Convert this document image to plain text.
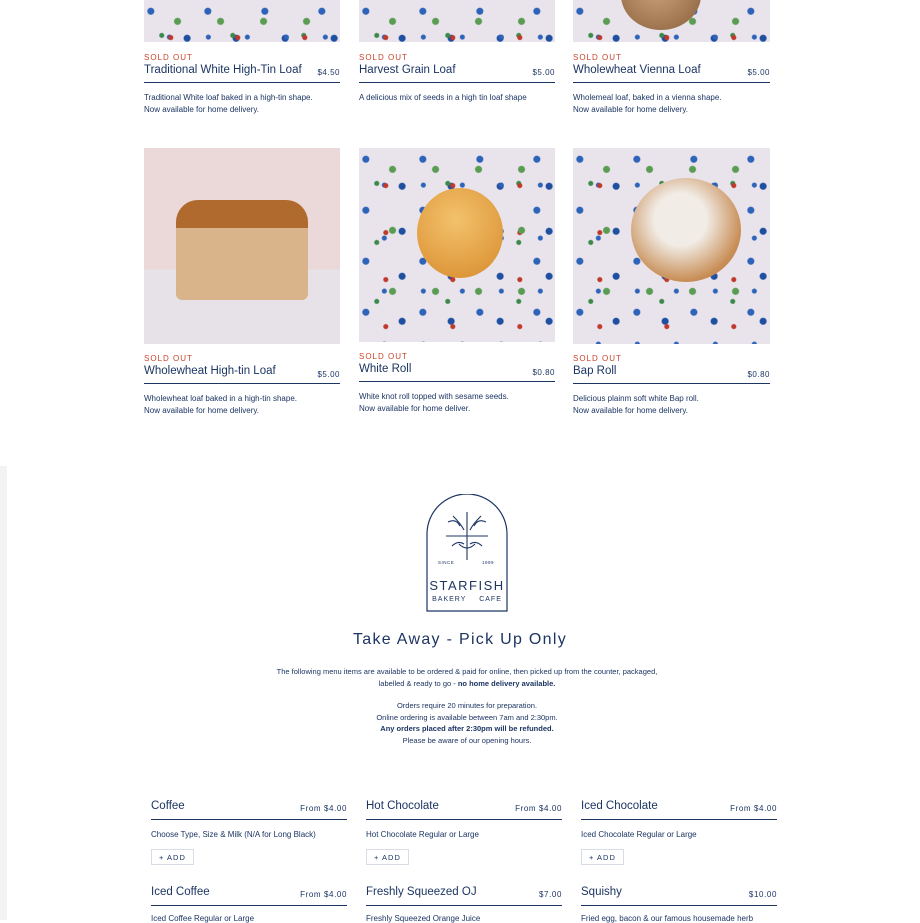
SOLD OUT
Traditional White High-Tin Loaf	$4.50
Traditional White loaf baked in a high-tin shape.
Now available for home delivery.
SOLD OUT
Harvest Grain Loaf	$5.00
A delicious mix of seeds in a high tin loaf shape
SOLD OUT
Wholewheat Vienna Loaf	$5.00
Wholemeal loaf, baked in a vienna shape.
Now available for home delivery.
SOLD OUT
Wholewheat High-tin Loaf	$5.00
Wholewheat loaf baked in a high-tin shape.
Now available for home delivery.
SOLD OUT
White Roll	$0.80
White knot roll topped with sesame seeds.
Now available for home deliver.
SOLD OUT
Bap Roll	$0.80
Delicious plainm soft white Bap roll.
Now available for home delivery.
SINCE	1999
STARFISH
BAKERY CAFE
Take Away - Pick Up Only
The following menu items are available to be ordered & paid for online, then picked up from the counter, packaged,
labelled & ready to go - no home delivery available.
Orders require 20 minutes for preparation.
Online ordering is available between 7am and 2:30pm.
Any orders placed after 2:30pm will be refunded.
Please be aware of our opening hours.
Coffee	From $4.00
Choose Type, Size & Milk (N/A for Long Black)
+ ADD
Hot Chocolate	From $4.00
Hot Chocolate Regular or Large
+ ADD
Iced Chocolate	From $4.00
Iced Chocolate Regular or Large
+ ADD
Iced Coffee	From $4.00
Iced Coffee Regular or Large
Freshly Squeezed OJ	$7.00
Freshly Squeezed Orange Juice
Squishy	$10.00
Fried egg, bacon & our famous housemade herb
